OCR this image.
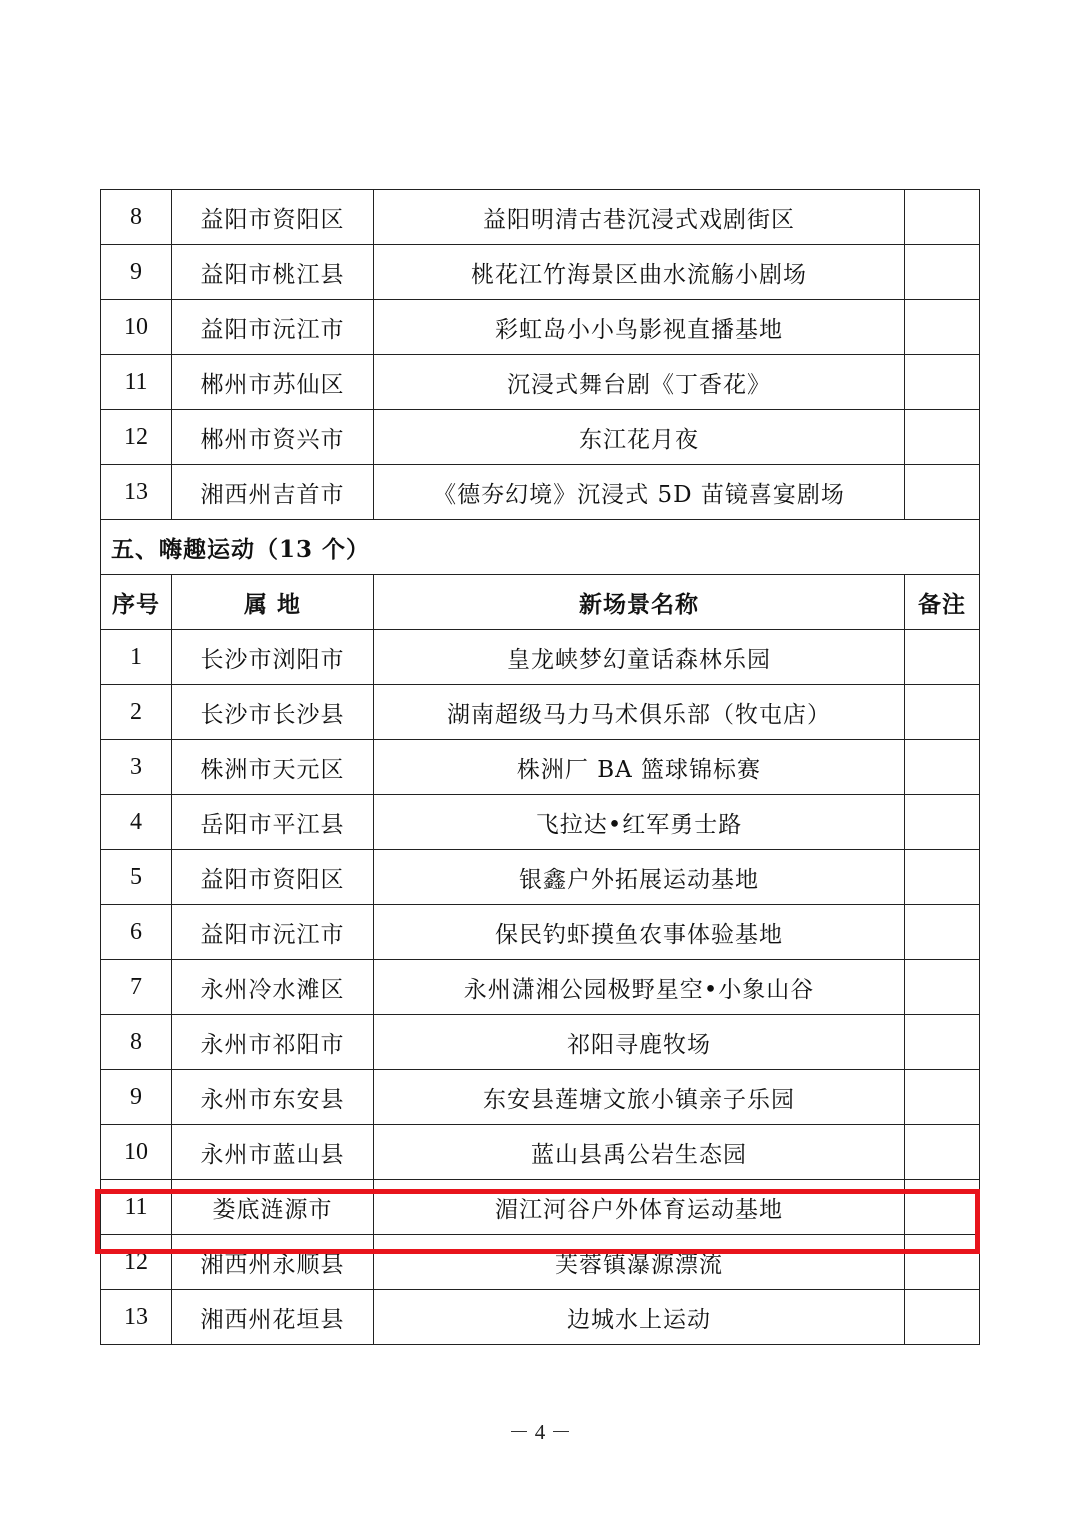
8	益阳市资阳区	益阳明清古巷沉浸式戏剧街区	
9	益阳市桃江县	桃花江竹海景区曲水流觞小剧场	
10	益阳市沅江市	彩虹岛小小鸟影视直播基地	
11	郴州市苏仙区	沉浸式舞台剧《丁香花》	
12	郴州市资兴市	东江花月夜	
13	湘西州吉首市	《德夯幻境》沉浸式 5D 苗镜喜宴剧场	
五、嗨趣运动（13 个）			
序号	属 地	新场景名称	备注
1	长沙市浏阳市	皇龙峡梦幻童话森林乐园	
2	长沙市长沙县	湖南超级马力马术俱乐部（牧屯店）	
3	株洲市天元区	株洲厂 BA 篮球锦标赛	
4	岳阳市平江县	飞拉达•红军勇士路	
5	益阳市资阳区	银鑫户外拓展运动基地	
6	益阳市沅江市	保民钓虾摸鱼农事体验基地	
7	永州冷水滩区	永州潇湘公园极野星空•小象山谷	
8	永州市祁阳市	祁阳寻鹿牧场	
9	永州市东安县	东安县莲塘文旅小镇亲子乐园	
10	永州市蓝山县	蓝山县禹公岩生态园	
11	娄底涟源市	湄江河谷户外体育运动基地	
12	湘西州永顺县	芙蓉镇瀑源漂流	
13	湘西州花垣县	边城水上运动	
－ 4 －
